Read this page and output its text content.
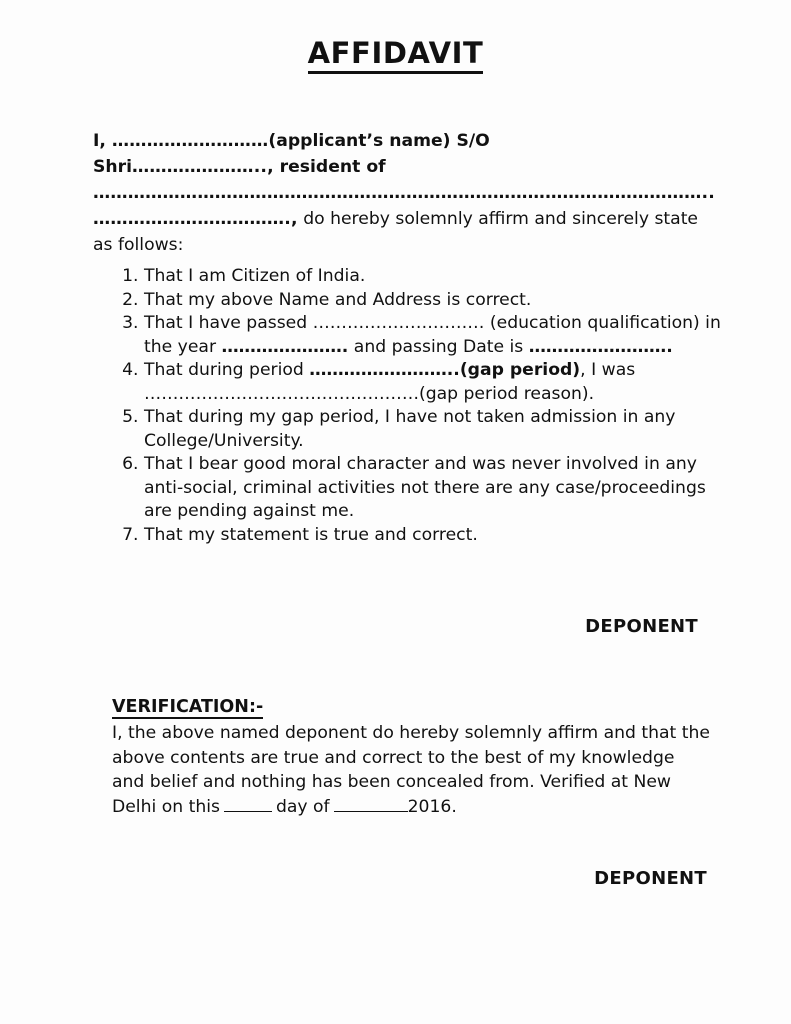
AFFIDAVIT
I, ………………………(applicant’s name) S/O
Shri………………….., resident of
……………………………………………………………………………………………..
……………………………., do hereby solemnly affirm and sincerely state as follows:
1. That I am Citizen of India.
2. That my above Name and Address is correct.
3. That I have passed ………………………… (education qualification) in the year …………………. and passing Date is …………………….
4. That during period ……………………..(gap period), I was …………………………………………(gap period reason).
5. That during my gap period, I have not taken admission in any College/University.
6. That I bear good moral character and was never involved in any anti-social, criminal activities not there are any case/proceedings are pending against me.
7. That my statement is true and correct.
DEPONENT
VERIFICATION:-
I, the above named deponent do hereby solemnly affirm and that the above contents are true and correct to the best of my knowledge and belief and nothing has been concealed from. Verified at New Delhi on this	day of	2016.
DEPONENT
